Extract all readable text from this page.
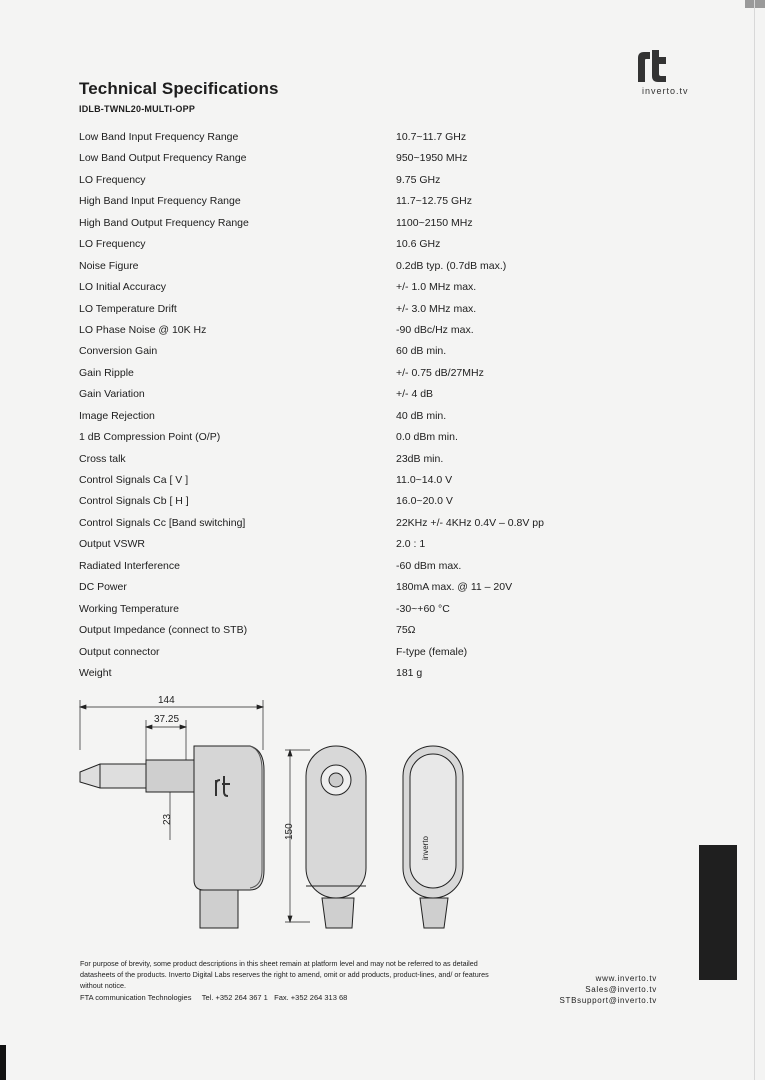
Technical Specifications
IDLB-TWNL20-MULTI-OPP
inverto.tv
Low Band Input Frequency Range	10.7~11.7 GHz
Low Band Output Frequency Range	950~1950 MHz
LO Frequency	9.75 GHz
High Band Input Frequency Range	11.7~12.75 GHz
High Band Output Frequency Range	1100~2150 MHz
LO Frequency	10.6 GHz
Noise Figure	0.2dB typ. (0.7dB max.)
LO Initial Accuracy	+/- 1.0 MHz max.
LO Temperature Drift	+/- 3.0 MHz max.
LO Phase Noise @ 10K Hz	-90 dBc/Hz max.
Conversion Gain	60 dB min.
Gain Ripple	+/- 0.75 dB/27MHz
Gain Variation	+/- 4 dB
Image Rejection	40 dB min.
1 dB Compression Point (O/P)	0.0 dBm min.
Cross talk	23dB min.
Control Signals Ca [ V ]	11.0~14.0 V
Control Signals Cb [ H ]	16.0~20.0 V
Control Signals Cc [Band switching]	22KHz +/- 4KHz 0.4V – 0.8V pp
Output VSWR	2.0 : 1
Radiated Interference	-60 dBm max.
DC Power	180mA max. @ 11 – 20V
Working Temperature	-30~+60 °C
Output Impedance (connect to STB)	75Ω
Output connector	F-type (female)
Weight	181 g
144
37.25
23
150
inverto
For purpose of brevity, some product descriptions in this sheet remain at platform level and may not be referred to as detailed datasheets of the products. Inverto Digital Labs reserves the right to amend, omit or add products, product-lines, and/ or features without notice.
FTA communication Technologies Tel. +352 264 367 1 Fax. +352 264 313 68
www.inverto.tv
Sales@inverto.tv
STBsupport@inverto.tv
